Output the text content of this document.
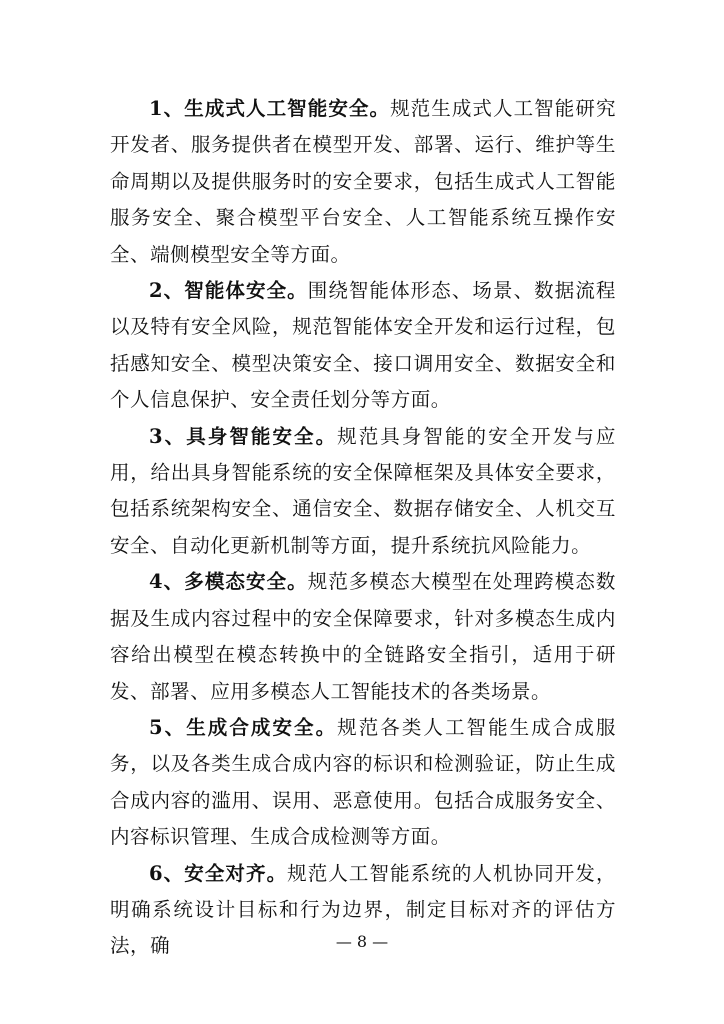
1、生成式人工智能安全。规范生成式人工智能研究开发者、服务提供者在模型开发、部署、运行、维护等生命周期以及提供服务时的安全要求，包括生成式人工智能服务安全、聚合模型平台安全、人工智能系统互操作安全、端侧模型安全等方面。

2、智能体安全。围绕智能体形态、场景、数据流程以及特有安全风险，规范智能体安全开发和运行过程，包括感知安全、模型决策安全、接口调用安全、数据安全和个人信息保护、安全责任划分等方面。

3、具身智能安全。规范具身智能的安全开发与应用，给出具身智能系统的安全保障框架及具体安全要求，包括系统架构安全、通信安全、数据存储安全、人机交互安全、自动化更新机制等方面，提升系统抗风险能力。

4、多模态安全。规范多模态大模型在处理跨模态数据及生成内容过程中的安全保障要求，针对多模态生成内容给出模型在模态转换中的全链路安全指引，适用于研发、部署、应用多模态人工智能技术的各类场景。

5、生成合成安全。规范各类人工智能生成合成服务，以及各类生成合成内容的标识和检测验证，防止生成合成内容的滥用、误用、恶意使用。包括合成服务安全、内容标识管理、生成合成检测等方面。

6、安全对齐。规范人工智能系统的人机协同开发，明确系统设计目标和行为边界，制定目标对齐的评估方法，确	— 8 —
